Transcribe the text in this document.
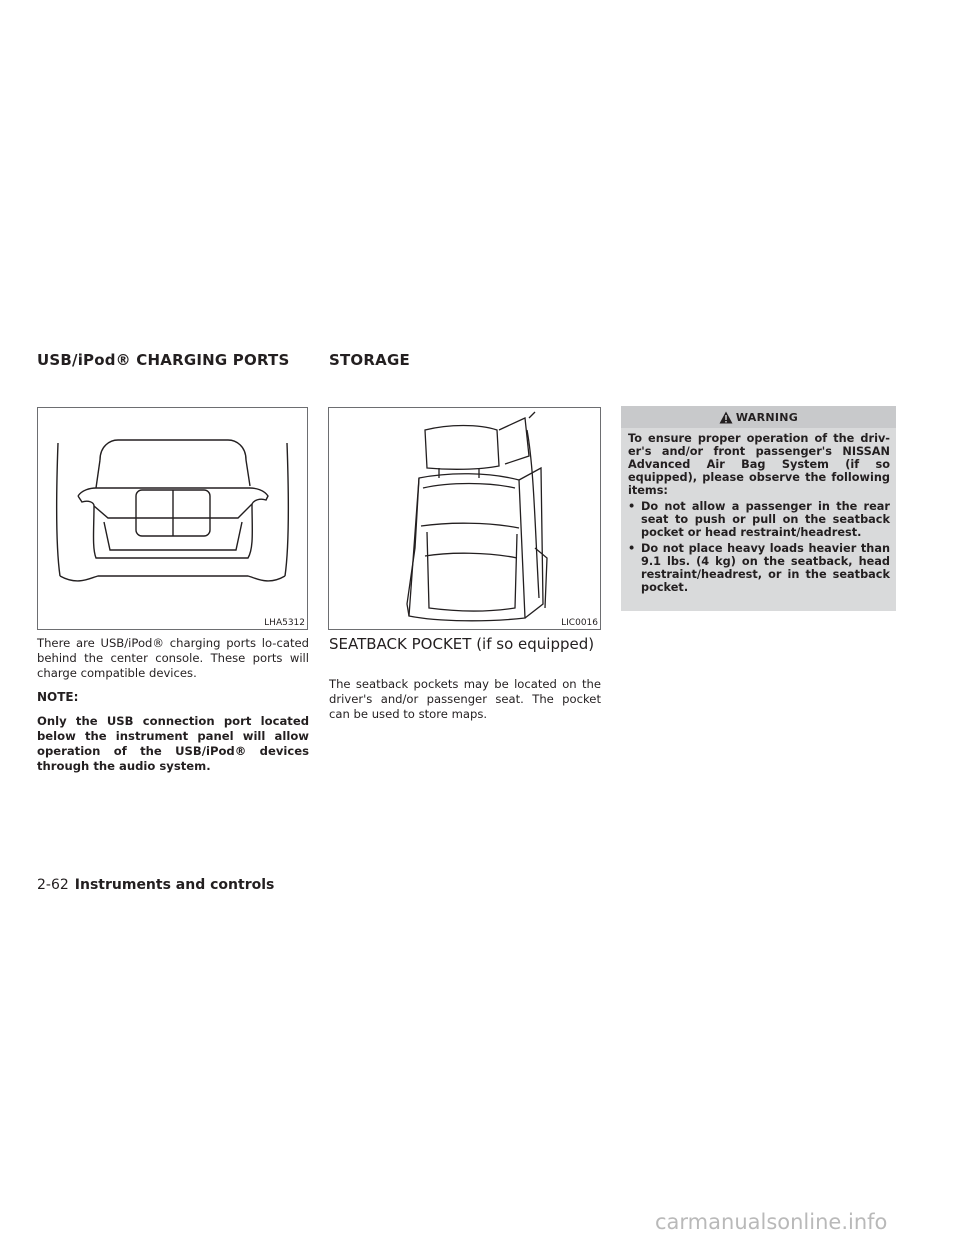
USB/iPod® CHARGING PORTS	STORAGE
LHA5312
There are USB/iPod® charging ports lo-cated behind the center console. These ports will charge compatible devices.
NOTE:
Only the USB connection port located below the instrument panel will allow operation of the USB/iPod® devices through the audio system.
LIC0016
SEATBACK POCKET (if so equipped)
The seatback pockets may be located on the driver's and/or passenger seat. The pocket can be used to store maps.
WARNING
To ensure proper operation of the driv-er's and/or front passenger's NISSAN Advanced Air Bag System (if so equipped), please observe the following items:
• Do not allow a passenger in the rear seat to push or pull on the seatback pocket or head restraint/headrest.
• Do not place heavy loads heavier than 9.1 lbs. (4 kg) on the seatback, head restraint/headrest, or in the seatback pocket.
2-62 Instruments and controls
carmanualsonline.info
